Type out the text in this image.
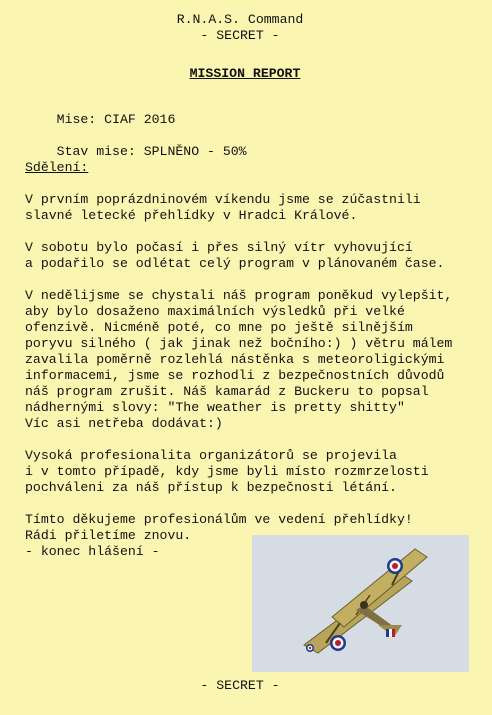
R.N.A.S. Command
- SECRET -
MISSION REPORT

Mise: CIAF 2016

Stav mise: SPLNĚNO - 50%

Sdělení:
V prvním poprázdninovém víkendu jsme se zúčastnili
slavné letecké přehlídky v Hradci Králové.
V sobotu bylo počasí i přes silný vítr vyhovující
a podařilo se odlétat celý program v plánovaném čase.
V nedělijsme se chystali náš program poněkud vylepšit,
aby bylo dosaženo maximálních výsledků při velké
ofenzivě. Nicméně poté, co mne po ještě silnějším
poryvu silného ( jak jinak než bočního:) ) větru málem
zavalila poměrně rozlehlá nástěnka s meteoroligickými
informacemi, jsme se rozhodli z bezpečnostních důvodů
náš program zrušit. Náš kamarád z Buckeru to popsal
nádhernými slovy: "The weather is pretty shitty"
Víc asi netřeba dodávat:)
Vysoká profesionalita organizátorů se projevila
i v tomto případě, kdy jsme byli místo rozmrzelosti
pochváleni za náš přístup k bezpečnosti létání.
Tímto děkujeme profesionálům ve vedení přehlídky!
Rádi přiletíme znovu.
- konec hlášení -
- SECRET -
